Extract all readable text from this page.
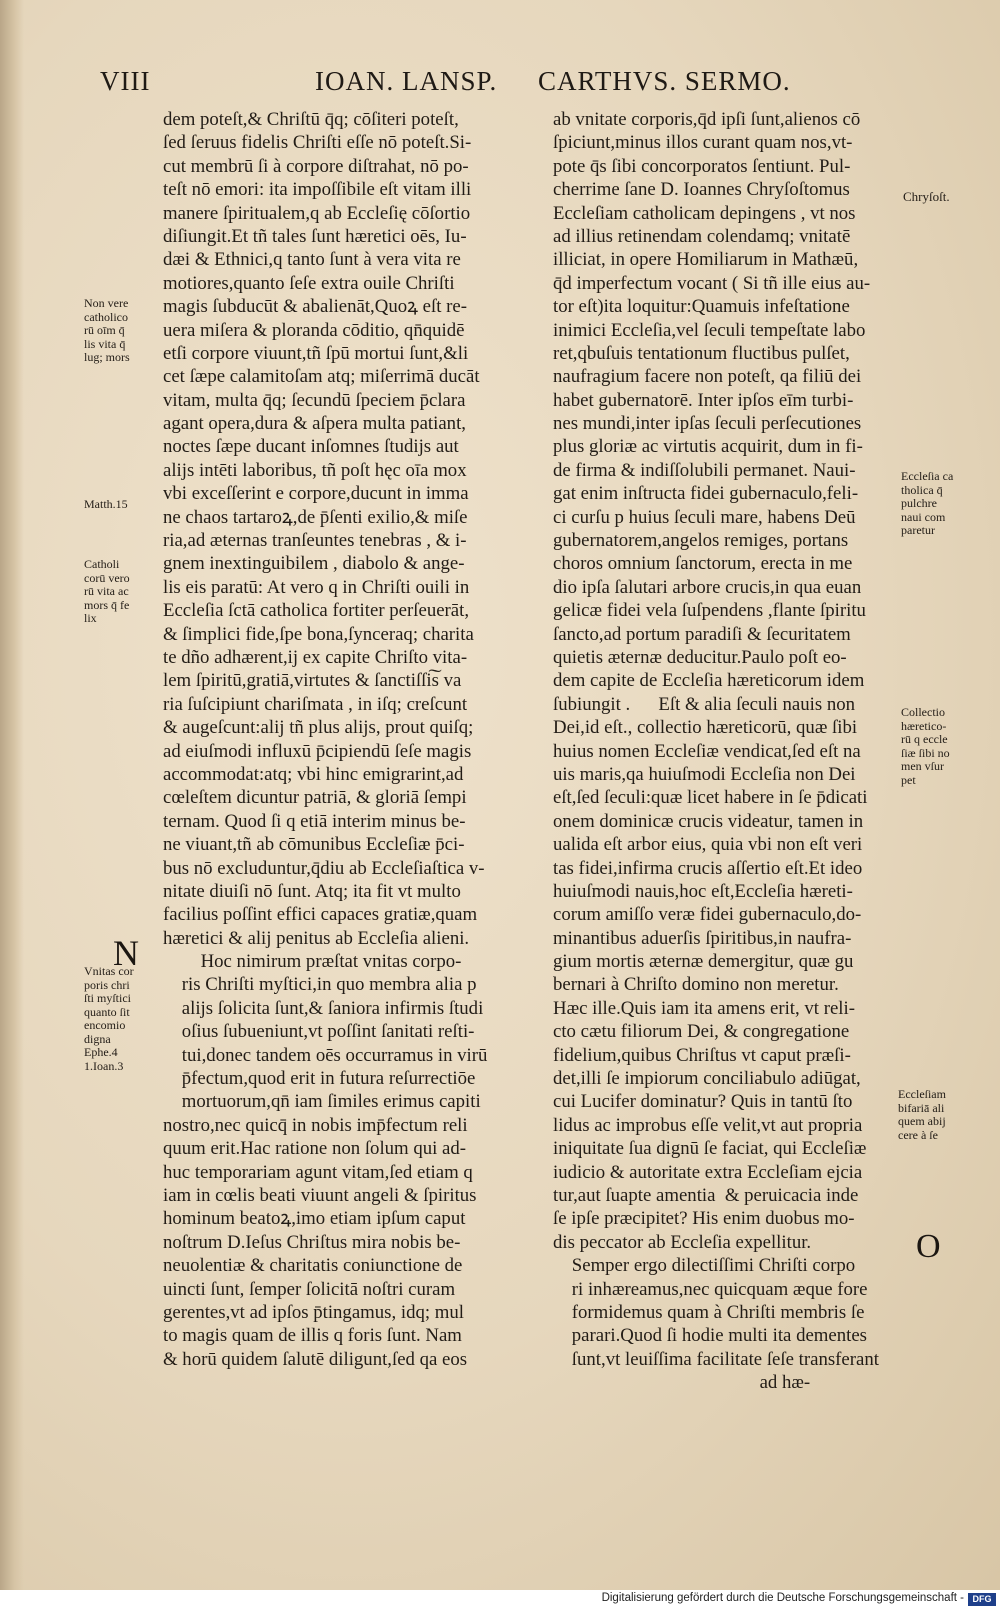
VIII	IOAN. LANSP. CARTHVS. SERMO.
dem poteſt,& Chriſtū q̄q; cōſiteri poteſt,
ſed ſeruus fidelis Chriſti eſſe nō poteſt.Si-
cut membrū ſi à corpore diſtrahat, nō po-
teſt nō emori: ita impoſſibile eſt vitam illi
manere ſpiritualem,q ab Eccleſię cōſortio
diſiungit.Et tñ tales ſunt hæretici oēs, Iu-
dæi & Ethnici,q tanto ſunt à vera vita re
motiores,quanto ſeſe extra ouile Chriſti
magis ſubducūt & abalienāt,Quoꝝ eſt re-
uera miſera & ploranda cōditio, qn̄quidē
etſi corpore viuunt,tñ ſpū mortui ſunt,&li
cet ſæpe calamitoſam atq; miſerrimā ducāt
vitam, multa q̄q; ſecundū ſpeciem p̄clara
agant opera,dura & aſpera multa patiant,
noctes ſæpe ducant inſomnes ſtudijs aut
alijs intēti laboribus, tñ poſt hęc oīa mox
vbi exceſſerint e corpore,ducunt in imma
ne chaos tartaroꝝ,de p̄ſenti exilio,& miſe
ria,ad æternas tranſeuntes tenebras , & i-
gnem inextinguibilem , diabolo & ange-
lis eis paratū: At vero q in Chriſti ouili in
Eccleſia ſctā catholica fortiter perſeuerāt,
& ſimplici fide,ſpe bona,ſynceraq; charita
te dño adhærent,ij ex capite Chriſto vita-
lem ſpiritū,gratiā,virtutes & ſanctiſſi͠s va
ria ſuſcipiunt chariſmata , in iſq; creſcunt
& augeſcunt:alij tñ plus alijs, prout quiſq;
ad eiuſmodi influxū p̄cipiendū ſeſe magis
accommodat:atq; vbi hinc emigrarint,ad
cœleſtem dicuntur patriā, & gloriā ſempi
ternam. Quod ſi q etiā interim minus be-
ne viuant,tñ ab cōmunibus Eccleſiæ p̄ci-
bus nō excluduntur,q̄diu ab Eccleſiaſtica v-
nitate diuiſi nō ſunt. Atq; ita fit vt multo
facilius poſſint effici capaces gratiæ,quam
hæretici & alij penitus ab Eccleſia alieni.
Hoc nimirum præſtat vnitas corpo-
ris Chriſti myſtici,in quo membra alia p
alijs ſolicita ſunt,& ſaniora infirmis ſtudi
oſius ſubueniunt,vt poſſint ſanitati reſti-
tui,donec tandem oēs occurramus in virū
p̄fectum,quod erit in futura reſurrectiōe
mortuorum,qn̄ iam ſimiles erimus capiti
nostro,nec quicq̄ in nobis imp̄fectum reli
quum erit.Hac ratione non ſolum qui ad-
huc temporariam agunt vitam,ſed etiam q
iam in cœlis beati viuunt angeli & ſpiritus
hominum beatoꝝ,imo etiam ipſum caput
noſtrum D.Ieſus Chriſtus mira nobis be-
neuolentiæ & charitatis coniunctione de
uincti ſunt, ſemper ſolicitā noſtri curam
gerentes,vt ad ipſos p̄tingamus, idq; mul
to magis quam de illis q foris ſunt. Nam
& horū quidem ſalutē diligunt,ſed qa eos
ab vnitate corporis,q̄d ipſi ſunt,alienos cō
ſpiciunt,minus illos curant quam nos,vt-
pote q̄s ſibi concorporatos ſentiunt. Pul-
cherrime ſane D. Ioannes Chryſoſtomus
Eccleſiam catholicam depingens , vt nos
ad illius retinendam colendamq; vnitatē
illiciat, in opere Homiliarum in Mathæū,
q̄d imperfectum vocant ( Si tñ ille eius au-
tor eſt)ita loquitur:Quamuis infeſtatione
inimici Eccleſia,vel ſeculi tempeſtate labo
ret,qbuſuis tentationum fluctibus pulſet,
naufragium facere non poteſt, qa filiū dei
habet gubernatorē. Inter ipſos eīm turbi-
nes mundi,inter ipſas ſeculi perſecutiones
plus gloriæ ac virtutis acquirit, dum in fi-
de firma & indiſſolubili permanet. Naui-
gat enim inſtructa fidei gubernaculo,feli-
ci curſu p huius ſeculi mare, habens Deū
gubernatorem,angelos remiges, portans
choros omnium ſanctorum, erecta in me
dio ipſa ſalutari arbore crucis,in qua euan
gelicæ fidei vela ſuſpendens ,flante ſpiritu
ſancto,ad portum paradiſi & ſecuritatem
quietis æternæ deducitur.Paulo poſt eo-
dem capite de Eccleſia hæreticorum idem
ſubiungit .      Eſt & alia ſeculi nauis non
Dei,id eſt., collectio hæreticorū, quæ ſibi
huius nomen Eccleſiæ vendicat,ſed eſt na
uis maris,qa huiuſmodi Eccleſia non Dei
eſt,ſed ſeculi:quæ licet habere in ſe p̄dicati
onem dominicæ crucis videatur, tamen in
ualida eſt arbor eius, quia vbi non eſt veri
tas fidei,infirma crucis aſſertio eſt.Et ideo
huiuſmodi nauis,hoc eſt,Eccleſia hæreti-
corum amiſſo veræ fidei gubernaculo,do-
minantibus aduerſis ſpiritibus,in naufra-
gium mortis æternæ demergitur, quæ gu
bernari à Chriſto domino non meretur.
Hæc ille.Quis iam ita amens erit, vt reli-
cto cætu filiorum Dei, & congregatione
fidelium,quibus Chriſtus vt caput præſi-
det,illi ſe impiorum conciliabulo adiūgat,
cui Lucifer dominatur? Quis in tantū ſto
lidus ac improbus eſſe velit,vt aut propria
iniquitate ſua dignū ſe faciat, qui Eccleſiæ
iudicio & autoritate extra Eccleſiam ejcia
tur,aut ſuapte amentia  & peruicacia inde
ſe ipſe præcipitet? His enim duobus mo-
dis peccator ab Eccleſia expellitur.
Semper ergo dilectiſſimi Chriſti corpo
ri inhæreamus,nec quicquam æque fore
formidemus quam à Chriſti membris ſe
parari.Quod ſi hodie multi ita dementes
ſunt,vt leuiſſima facilitate ſeſe transferant
ad hæ-
N
O
Non vere
catholico
rū oīm q̄
lis vita q̄
lug; mors
Matth.15
Catholi
corū vero
rū vita ac
mors q̄ fe
lix
Vnitas cor
poris chri
ſti myſtici
quanto ſit
encomio
digna
Ephe.4
1.Ioan.3
Chryſoſt.
Eccleſia ca
tholica q̄
pulchre
naui com
paretur
Collectio
hæretico-
rū q eccle
ſiæ ſibi no
men vſur
pet
Eccleſiam
bifariā ali
quem abij
cere à ſe
Digitalisierung gefördert durch die Deutsche Forschungsgemeinschaft - DFG
